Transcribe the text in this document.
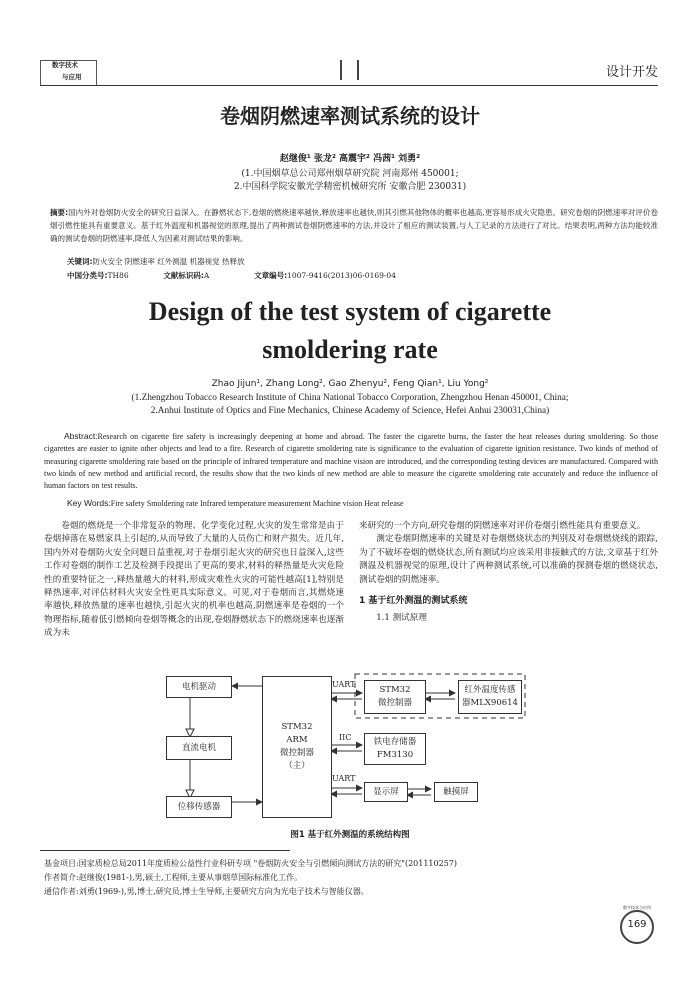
数字技术
与应用	设计开发
卷烟阴燃速率测试系统的设计
赵继俊¹ 张龙² 高震宇² 冯茜¹ 刘勇²
(1.中国烟草总公司郑州烟草研究院 河南郑州 450001;
2.中国科学院安徽光学精密机械研究所 安徽合肥 230031)
摘要:国内外对卷烟防火安全的研究日益深入。在静燃状态下,卷烟的燃烧速率越快,释放速率也越快,则其引燃其他物体的概率也越高,更容易形成火灾隐患。研究卷烟的阴燃速率对评价卷烟引燃性能具有重要意义。基于红外温度和机器视觉的原理,提出了两种测试卷烟阴燃速率的方法,并设计了相应的测试装置,与人工记录的方法进行了对比。结果表明,两种方法均能较准确的测试卷烟的阴燃速率,降低人为因素对测试结果的影响。
关键词:防火安全 阴燃速率 红外测温 机器视觉 热释放
中国分类号:TH86	文献标识码:A	文章编号:1007-9416(2013)06-0169-04
Design of the test system of cigarette
smoldering rate
Zhao Jijun¹, Zhang Long², Gao Zhenyu², Feng Qian¹, Liu Yong²
(1.Zhengzhou Tobacco Research Institute of China National Tobacco Corporation, Zhengzhou Henan 450001, China;
2.Anhui Institute of Optics and Fine Mechanics, Chinese Academy of Science, Hefei Anhui 230031,China)
Abstract:Research on cigarette fire safety is increasingly deepening at home and abroad. The faster the cigarette burns, the faster the heat releases during smoldering. So those cigarettes are easier to ignite other objects and lead to a fire. Research of cigarette smoldering rate is significance to the evaluation of cigarette ignition resistance. Two kinds of method of measuring cigarette smoldering rate based on the principle of infrared temperature and machine vision are introduced, and the corresponding testing devices are manufactured. Compared with two kinds of new method and artificial record, the results show that the two kinds of new method are able to measure the cigarette smoldering rate accurately and reduce the influence of human factors on test results.
Key Words:Fire safety Smoldering rate Infrared temperature measurement Machine vision Heat release

卷烟的燃烧是一个非常复杂的物理、化学变化过程,火灾的发生常常是由于卷烟掉落在易燃家具上引起的,从而导致了大量的人员伤亡和财产损失。近几年,国内外对卷烟防火安全问题日益重视,对于卷烟引起火灾的研究也日益深入,这些工作对卷烟的制作工艺及检测手段提出了更高的要求,材料的释热量是火灾危险性的重要特征之一,释热量越大的材料,形成灾难性火灾的可能性越高[1],特别是释热速率,对评估材料火灾安全性更具实际意义。可见,对于卷烟而言,其燃烧速率越快,释放热量的速率也越快,引起火灾的机率也越高,阴燃速率是卷烟的一个物理指标,随着低引燃倾向卷烟等概念的出现,卷烟静燃状态下的燃烧速率也逐渐成为未

来研究的一个方向,研究卷烟的阴燃速率对评价卷烟引燃性能具有重要意义。

测定卷烟阴燃速率的关键是对卷烟燃烧状态的判别及对卷烟燃烧线的跟踪,为了不破坏卷烟的燃烧状态,所有测试均应该采用非接触式的方法,文章基于红外测温及机器视觉的原理,设计了两种测试系统,可以准确的探测卷烟的燃烧状态,测试卷烟的阴燃速率。

1 基于红外测温的测试系统

1.1 测试原理

电机驱动
直流电机
位移传感器
STM32
ARM
微控制器
（主）
STM32
微控制器
红外温度传感
器MLX90614
铁电存储器
FM3130
显示屏	触摸屏
UART
IIC
UART
图1 基于红外测温的系统结构图
基金项目:国家质检总局2011年度质检公益性行业科研专项 "卷烟防火安全与引燃倾向测试方法的研究"(201110257)
作者简介:赵继俊(1981-),男,硕士,工程师,主要从事烟草国际标准化工作。
通信作者:刘勇(1969-),男,博士,研究员,博士生导师,主要研究方向为光电子技术与智能仪器。
数字技术与应用
169
